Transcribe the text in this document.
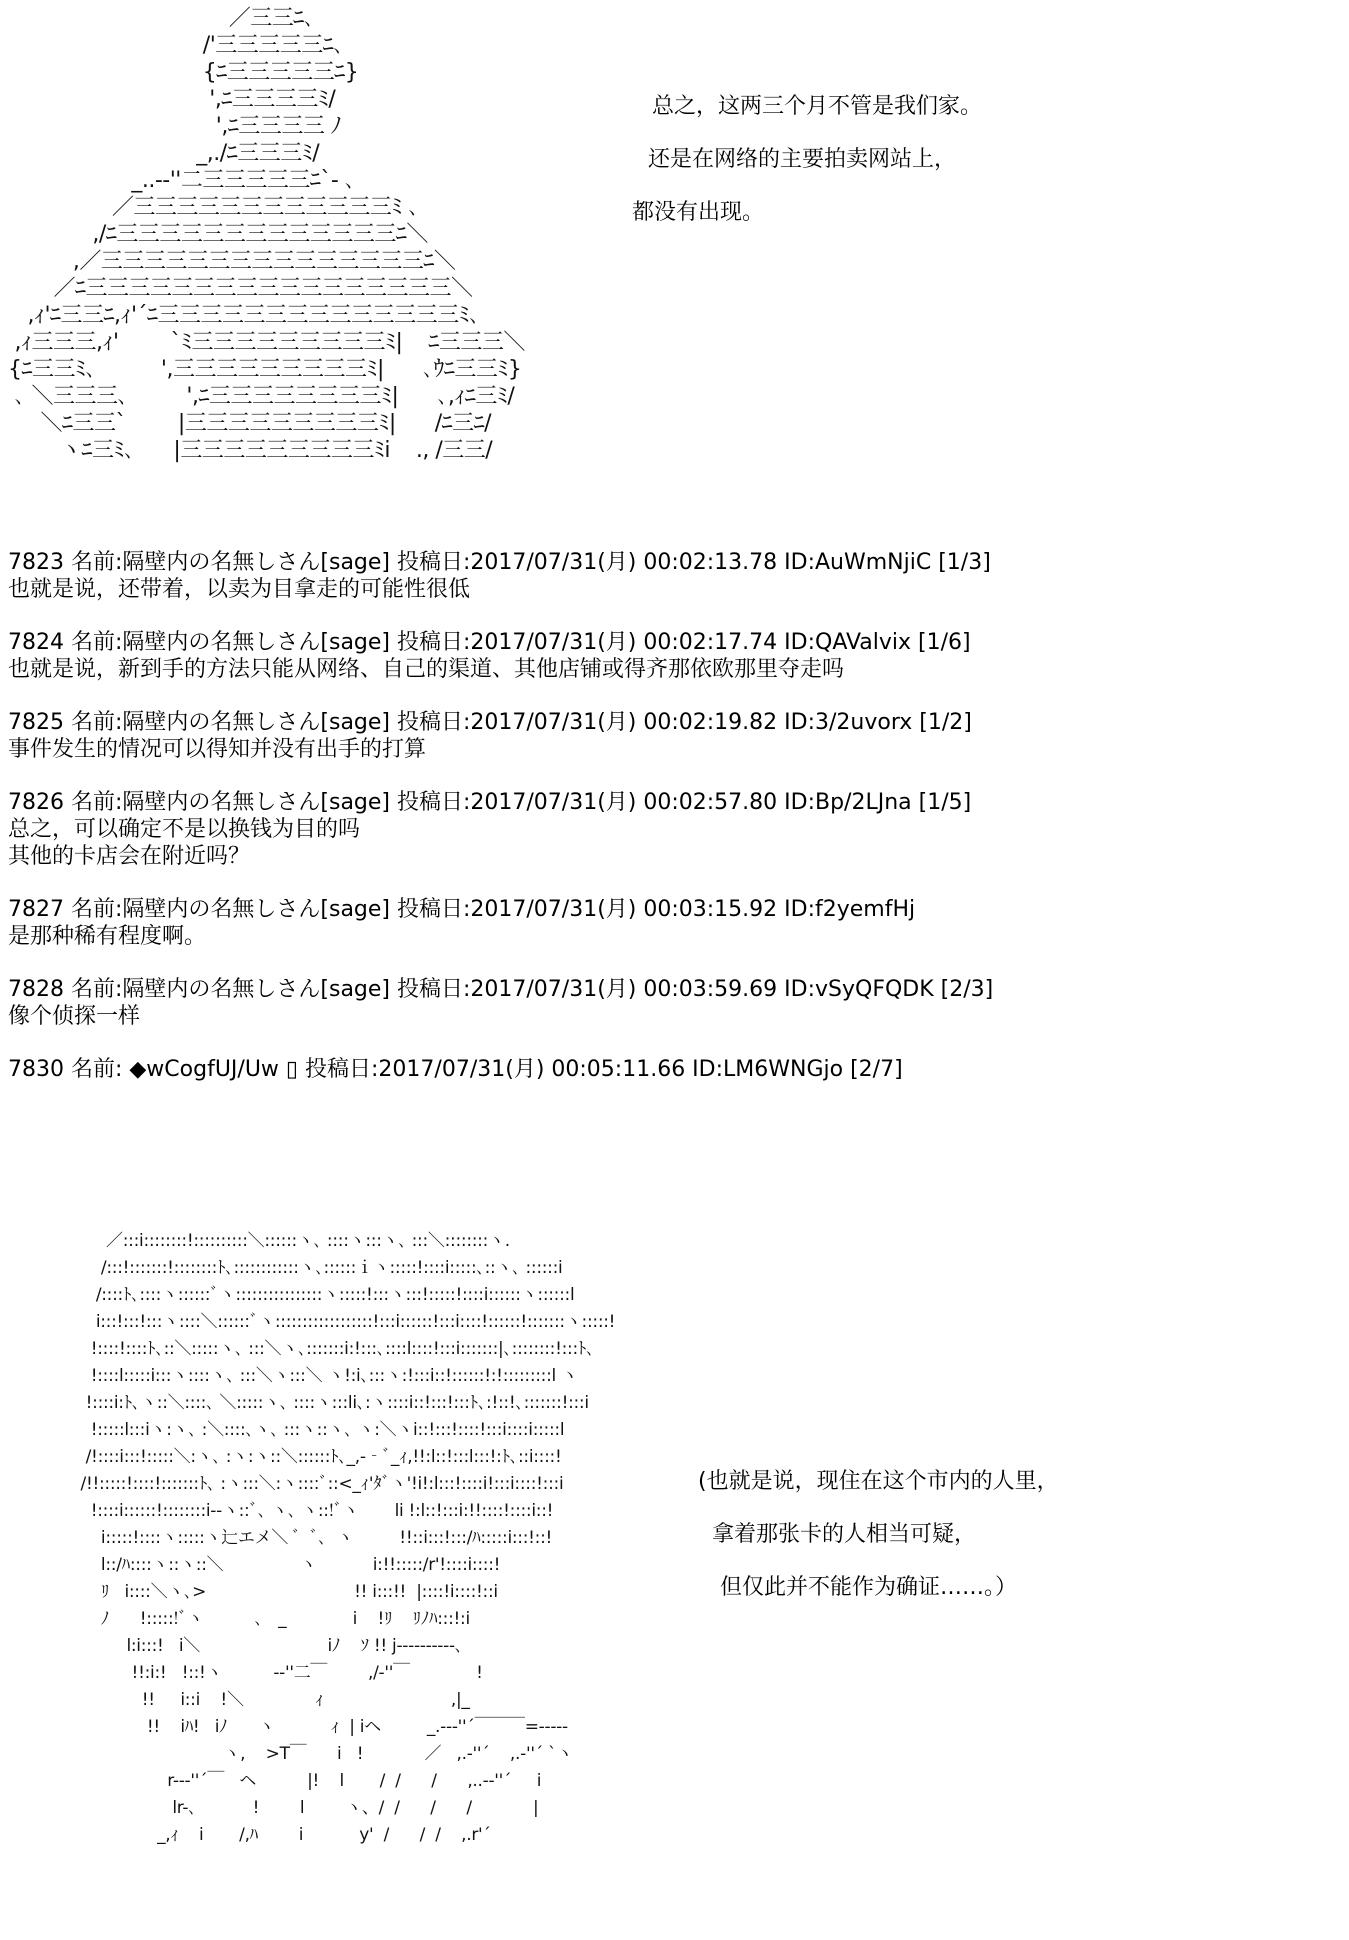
／三三ﾆ､
/'三三三三三ﾆ､
{ﾆ三三三三三ﾆ}
',ﾆ三三三三ﾐ/
',ﾆ三三三三 ﾉ
_,./ﾆ三三三ﾐ/
_..-‐''二三三三三三ﾆ`‐ ､
／三三三三三三三三三三三三ﾐ ､
,/ﾆ三三三三三三三三三三三三三ﾆ＼
,／三三三三三三三三三三三三三三三ﾆ＼
／ﾆ三三三三三三三三三三三三三三三三三＼
,ｨ'ﾆ三三ﾆ,ｨ'´ﾆ三三三三三三三三三三三三三三ﾐ､
,ｨ三三三,ｨ'        `ﾐ三三三三三三三三三ﾐ|    ﾆ三三三＼
{ﾆ三三ﾐ､          ',三三三三三三三三三ﾐ|      ､ｳﾆ三三ﾐ}
､ ＼三三三､         ',ﾆ三三三三三三三三ﾐ|      ､,ｨﾆ三ﾐ/
＼ﾆ三三`        |三三三三三三三三三ﾐ|      /ﾆ三ﾆ/
ヽﾆ三ﾐ､      |三三三三三三三三三ﾐi    ., /三三/
总之，这两三个月不管是我们家。
还是在网络的主要拍卖网站上，
都没有出现。
7823 名前:隔壁内の名無しさん[sage] 投稿日:2017/07/31(月) 00:02:13.78 ID:AuWmNjiC [1/3]
也就是说，还带着，以卖为目拿走的可能性很低
7824 名前:隔壁内の名無しさん[sage] 投稿日:2017/07/31(月) 00:02:17.74 ID:QAValvix [1/6]
也就是说，新到手的方法只能从网络、自己的渠道、其他店铺或得齐那依欧那里夺走吗
7825 名前:隔壁内の名無しさん[sage] 投稿日:2017/07/31(月) 00:02:19.82 ID:3/2uvorx [1/2]
事件发生的情况可以得知并没有出手的打算
7826 名前:隔壁内の名無しさん[sage] 投稿日:2017/07/31(月) 00:02:57.80 ID:Bp/2LJna [1/5]
总之，可以确定不是以换钱为目的吗
其他的卡店会在附近吗？
7827 名前:隔壁内の名無しさん[sage] 投稿日:2017/07/31(月) 00:03:15.92 ID:f2yemfHj
是那种稀有程度啊。
7828 名前:隔壁内の名無しさん[sage] 投稿日:2017/07/31(月) 00:03:59.69 ID:vSyQFQDK [2/3]
像个侦探一样
7830 名前: ◆wCogfUJ/Uw ▯ 投稿日:2017/07/31(月) 00:05:11.66 ID:LM6WNGjo [2/7]
／:::i::::::::!::::::::::＼::::::ヽ､ ::::ヽ:::ヽ､ :::＼::::::::ヽ.
/:::!:::::::!::::::::ﾄ､::::::::::::ヽ､::::::ｉヽ:::::!::::i:::::､::ヽ､ ::::::i
/::::ﾄ､::::ヽ::::::ﾞヽ::::::::::::::::ヽ:::::!:::ヽ:::!:::::!::::i::::::ヽ::::::l
i:::!:::!:::ヽ::::＼::::::ﾞヽ::::::::::::::::::!:::i::::::!:::i::::!::::::!:::::::ヽ:::::!
!::::!::::ﾄ､::＼:::::ヽ､ :::＼ヽ､:::::::i:!:::､::::l::::!:::i:::::::|､::::::::!:::ﾄ､
!::::l:::::i:::ヽ::::ヽ､ :::＼ヽ:::＼ ヽ!:i､:::ヽ:!:::i::!::::::!:!:::::::::l ヽ
!::::i:ﾄ､ヽ::＼::::､ ＼:::::ヽ､ ::::ヽ:::li､:ヽ::::i::!:::!:::ﾄ､:!::!､:::::::!:::i
!:::::l:::iヽ:ヽ､ :＼::::､ヽ､ :::ヽ::ヽ､ ヽ:＼ヽi::!:::!::::!:::i::::i:::::l
/!::::i:::!:::::＼:ヽ､ :ヽ:ヽ::＼::::::ﾄ､_,-‐ﾞ_ｨ,!!:l::!:::l:::!:ﾄ､::i::::!
/!!:::::!::::!:::::::ﾄ､ :ヽ:::＼:ヽ::::ﾞ::<_ｨ'ﾀﾞヽ'!i!:l:::!::::i!:::i::::!:::i
!::::i::::::!::::::::i-‐ヽ::ﾞ､ ヽ､ ヽ::!ﾞヽ       li !:l::!:::i:!!::::!::::i::!
i:::::!::::ヽ:::::ヽ辷エメ＼ ﾞ  ﾞ､  ヽ         !!::i:::!:::/ﾊ:::::i:::!::!
l::/ﾊ::::ヽ::ヽ::＼               ヽ           i:!!:::::/r'!::::i::::!
ﾘ   i::::＼ヽ､>                             !! i:::!!  |::::!i::::!::i
ﾉ      !:::::!ﾞヽ          ､   _             i    !ﾘ    ﾘﾉﾊ:::!:i
l:i:::!   i＼                         iﾉ    ｿ !! j--‐‐------､
!!:i:!   !::!ヽ          ‐-''二￣        ,/‐''￣             !
!!     i::i    !＼              ｨ                         ,|_
!!    iﾊ!   iﾉ      ヽ           ｨ  | iヘ         _.--‐''´￣￣￣=-----
ヽ,    >T￣      i   !            ／   ,.-''´    ,.-''´ `ヽ
r---''´￣   ヘ          |!    l       /  /      /      ,..-‐''´     i
lr-､           !        l        ヽ、/  /      /      /            |
_,ｨ    i       /,ﾊ        i           y'  /      /  /    ,.r'´
(也就是说，现住在这个市内的人里，
拿着那张卡的人相当可疑，
但仅此并不能作为确证……。）
